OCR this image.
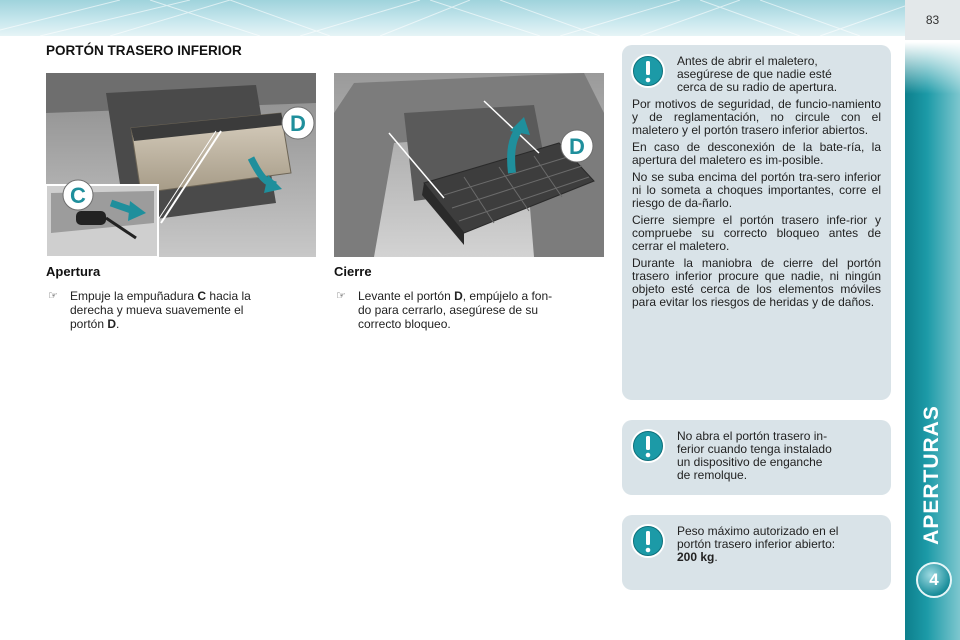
83
APERTURAS
4
PORTÓN TRASERO INFERIOR
C
D
D
Apertura
☞ Empuje la empuñadura C hacia la
derecha y mueva suavemente el
portón D.
Cierre
☞ Levante el portón D, empújelo a fon-
do para cerrarlo, asegúrese de su
correcto bloqueo.
Antes de abrir el maletero,
asegúrese de que nadie esté
cerca de su radio de apertura.

Por motivos de seguridad, de funcio-namiento y de reglamentación, no circule con el maletero y el portón trasero inferior abiertos.

En caso de desconexión de la bate-ría, la apertura del maletero es im-posible.

No se suba encima del portón tra-sero inferior ni lo someta a choques importantes, corre el riesgo de da-ñarlo.

Cierre siempre el portón trasero infe-rior y compruebe su correcto bloqueo antes de cerrar el maletero.

Durante la maniobra de cierre del portón trasero inferior procure que nadie, ni ningún objeto esté cerca de los elementos móviles para evitar los riesgos de heridas y de daños.

No abra el portón trasero in-
ferior cuando tenga instalado
un dispositivo de enganche
de remolque.
Peso máximo autorizado en el
portón trasero inferior abierto:
200 kg.
